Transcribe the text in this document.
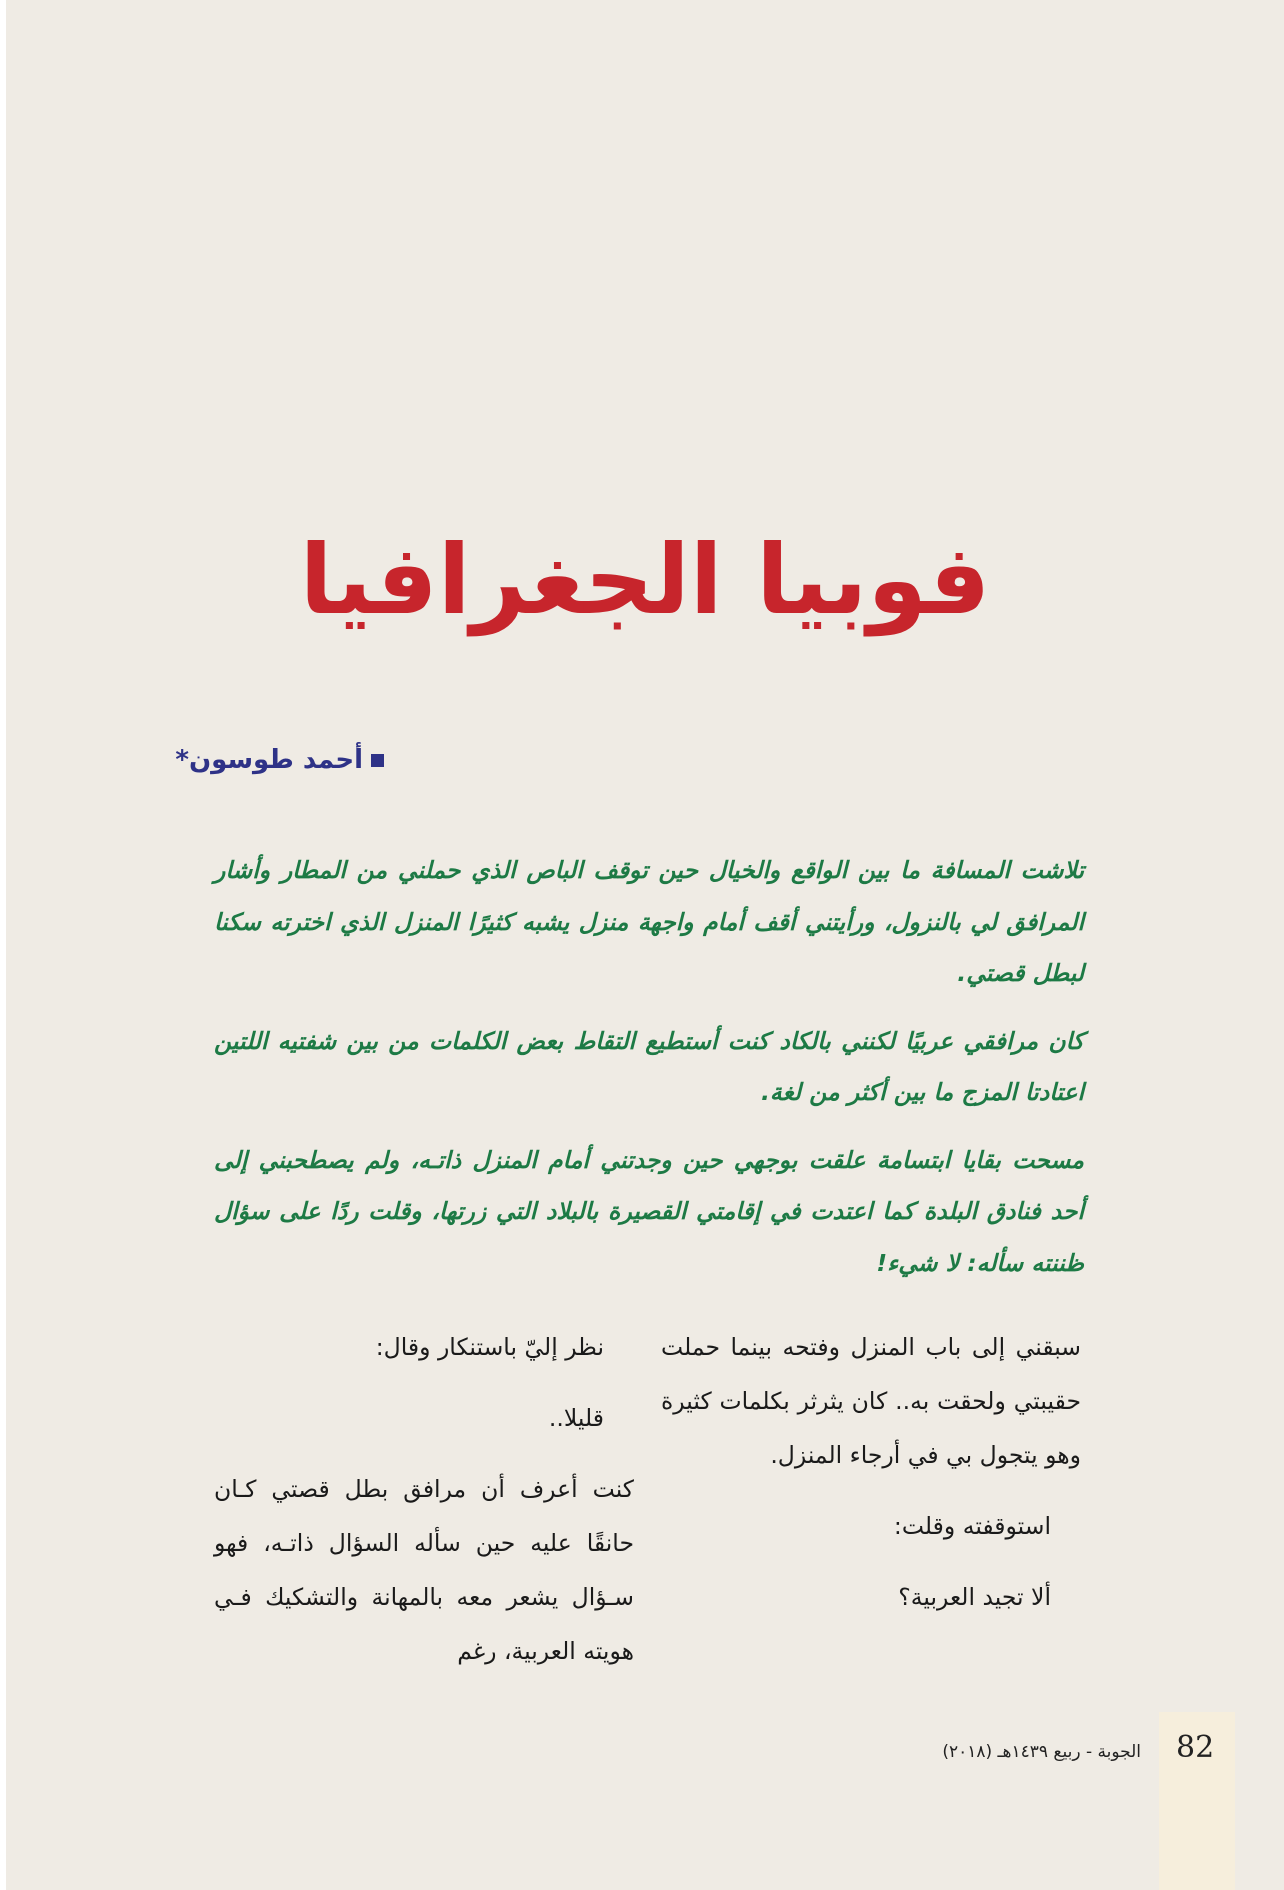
فوبيا الجغرافيا
أحمد طوسون*

تلاشت المسافة ما بين الواقع والخيال حين توقف الباص الذي حملني من المطار وأشار المرافق لي بالنزول، ورأيتني أقف أمام واجهة منزل يشبه كثيرًا المنزل الذي اخترته سكنا لبطل قصتي.

كان مرافقي عربيًا لكنني بالكاد كنت أستطيع التقاط بعض الكلمات من بين شفتيه اللتين اعتادتا المزج ما بين أكثر من لغة.

مسحت بقايا ابتسامة علقت بوجهي حين وجدتني أمام المنزل ذاتـه، ولم يصطحبني إلى أحد فنادق البلدة كما اعتدت في إقامتي القصيرة بالبلاد التي زرتها، وقلت ردًا على سؤال ظننته سأله: لا شيء!

سبقني إلى باب المنزل وفتحه بينما حملت حقيبتي ولحقت به.. كان يثرثر بكلمات كثيرة وهو يتجول بي في أرجاء المنزل.

استوقفته وقلت:

ألا تجيد العربية؟

نظر إليّ باستنكار وقال:

قليلا..

كنت أعرف أن مرافق بطل قصتي كـان حانقًا عليه حين سأله السؤال ذاتـه، فهو سـؤال يشعر معه بالمهانة والتشكيك فـي هويته العربية، رغم

82
الجوبة - ربيع ١٤٣٩هـ (٢٠١٨)
